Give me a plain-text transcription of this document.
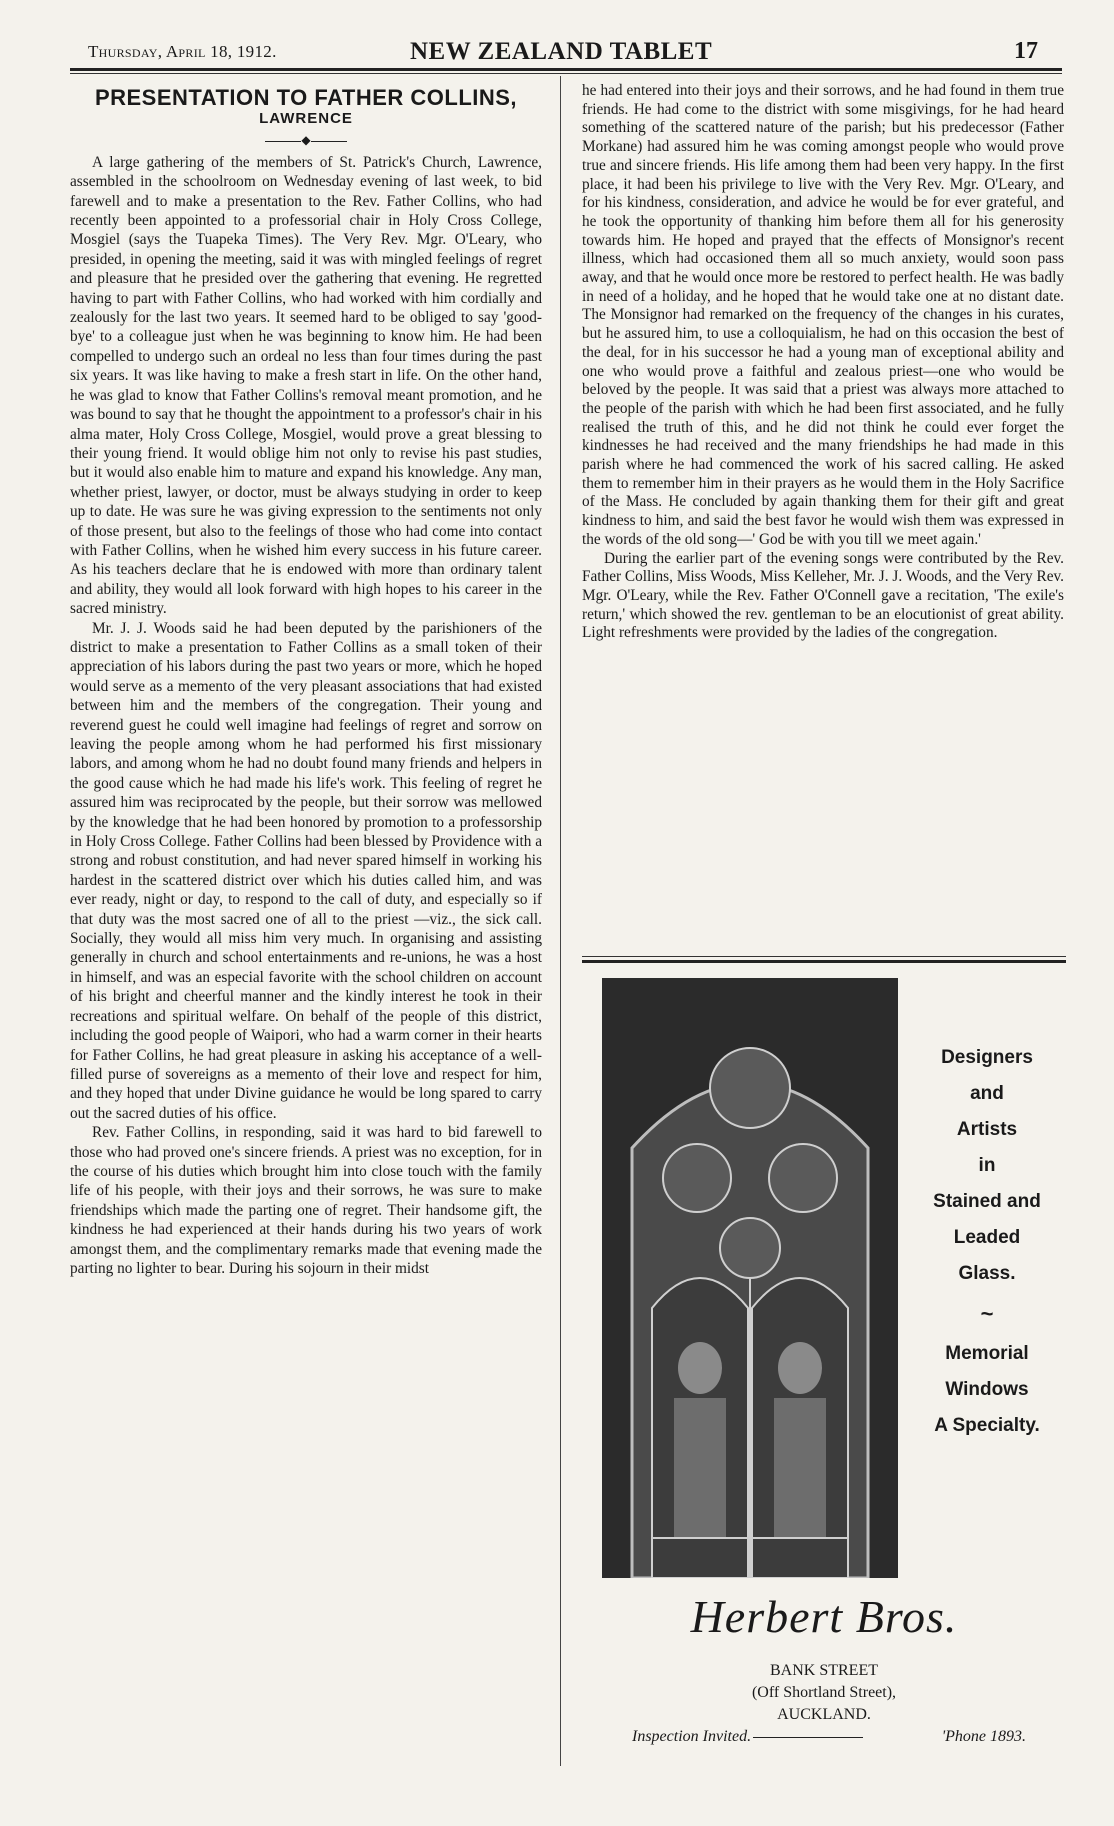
Thursday, April 18, 1912.	NEW ZEALAND TABLET	17
PRESENTATION TO FATHER COLLINS,
LAWRENCE
◆

A large gathering of the members of St. Patrick's Church, Lawrence, assembled in the schoolroom on Wednesday evening of last week, to bid farewell and to make a presentation to the Rev. Father Collins, who had recently been appointed to a professorial chair in Holy Cross College, Mosgiel (says the Tuapeka Times). The Very Rev. Mgr. O'Leary, who presided, in opening the meeting, said it was with mingled feelings of regret and pleasure that he presided over the gathering that evening. He regretted having to part with Father Collins, who had worked with him cordially and zealously for the last two years. It seemed hard to be obliged to say 'good-bye' to a colleague just when he was beginning to know him. He had been compelled to undergo such an ordeal no less than four times during the past six years. It was like having to make a fresh start in life. On the other hand, he was glad to know that Father Collins's removal meant promotion, and he was bound to say that he thought the appointment to a professor's chair in his alma mater, Holy Cross College, Mosgiel, would prove a great blessing to their young friend. It would oblige him not only to revise his past studies, but it would also enable him to mature and expand his knowledge. Any man, whether priest, lawyer, or doctor, must be always studying in order to keep up to date. He was sure he was giving expression to the sentiments not only of those present, but also to the feelings of those who had come into contact with Father Collins, when he wished him every success in his future career. As his teachers declare that he is endowed with more than ordinary talent and ability, they would all look forward with high hopes to his career in the sacred ministry.

Mr. J. J. Woods said he had been deputed by the parishioners of the district to make a presentation to Father Collins as a small token of their appreciation of his labors during the past two years or more, which he hoped would serve as a memento of the very pleasant associations that had existed between him and the members of the congregation. Their young and reverend guest he could well imagine had feelings of regret and sorrow on leaving the people among whom he had performed his first missionary labors, and among whom he had no doubt found many friends and helpers in the good cause which he had made his life's work. This feeling of regret he assured him was reciprocated by the people, but their sorrow was mellowed by the knowledge that he had been honored by promotion to a professorship in Holy Cross College. Father Collins had been blessed by Providence with a strong and robust constitution, and had never spared himself in working his hardest in the scattered district over which his duties called him, and was ever ready, night or day, to respond to the call of duty, and especially so if that duty was the most sacred one of all to the priest —viz., the sick call. Socially, they would all miss him very much. In organising and assisting generally in church and school entertainments and re-unions, he was a host in himself, and was an especial favorite with the school children on account of his bright and cheerful manner and the kindly interest he took in their recreations and spiritual welfare. On behalf of the people of this district, including the good people of Waipori, who had a warm corner in their hearts for Father Collins, he had great pleasure in asking his acceptance of a well-filled purse of sovereigns as a memento of their love and respect for him, and they hoped that under Divine guidance he would be long spared to carry out the sacred duties of his office.

Rev. Father Collins, in responding, said it was hard to bid farewell to those who had proved one's sincere friends. A priest was no exception, for in the course of his duties which brought him into close touch with the family life of his people, with their joys and their sorrows, he was sure to make friendships which made the parting one of regret. Their handsome gift, the kindness he had experienced at their hands during his two years of work amongst them, and the complimentary remarks made that evening made the parting no lighter to bear. During his sojourn in their midst

he had entered into their joys and their sorrows, and he had found in them true friends. He had come to the district with some misgivings, for he had heard something of the scattered nature of the parish; but his predecessor (Father Morkane) had assured him he was coming amongst people who would prove true and sincere friends. His life among them had been very happy. In the first place, it had been his privilege to live with the Very Rev. Mgr. O'Leary, and for his kindness, consideration, and advice he would be for ever grateful, and he took the opportunity of thanking him before them all for his generosity towards him. He hoped and prayed that the effects of Monsignor's recent illness, which had occasioned them all so much anxiety, would soon pass away, and that he would once more be restored to perfect health. He was badly in need of a holiday, and he hoped that he would take one at no distant date. The Monsignor had remarked on the frequency of the changes in his curates, but he assured him, to use a colloquialism, he had on this occasion the best of the deal, for in his successor he had a young man of exceptional ability and one who would prove a faithful and zealous priest—one who would be beloved by the people. It was said that a priest was always more attached to the people of the parish with which he had been first associated, and he fully realised the truth of this, and he did not think he could ever forget the kindnesses he had received and the many friendships he had made in this parish where he had commenced the work of his sacred calling. He asked them to remember him in their prayers as he would them in the Holy Sacrifice of the Mass. He concluded by again thanking them for their gift and great kindness to him, and said the best favor he would wish them was expressed in the words of the old song—' God be with you till we meet again.'

During the earlier part of the evening songs were contributed by the Rev. Father Collins, Miss Woods, Miss Kelleher, Mr. J. J. Woods, and the Very Rev. Mgr. O'Leary, while the Rev. Father O'Connell gave a recitation, 'The exile's return,' which showed the rev. gentleman to be an elocutionist of great ability. Light refreshments were provided by the ladies of the congregation.

Designers
and
Artists
in
Stained and
Leaded
Glass.
~
Memorial
Windows
A Specialty.
Herbert Bros.
BANK STREET
(Off Shortland Street),
AUCKLAND.
Inspection Invited.	'Phone 1893.
